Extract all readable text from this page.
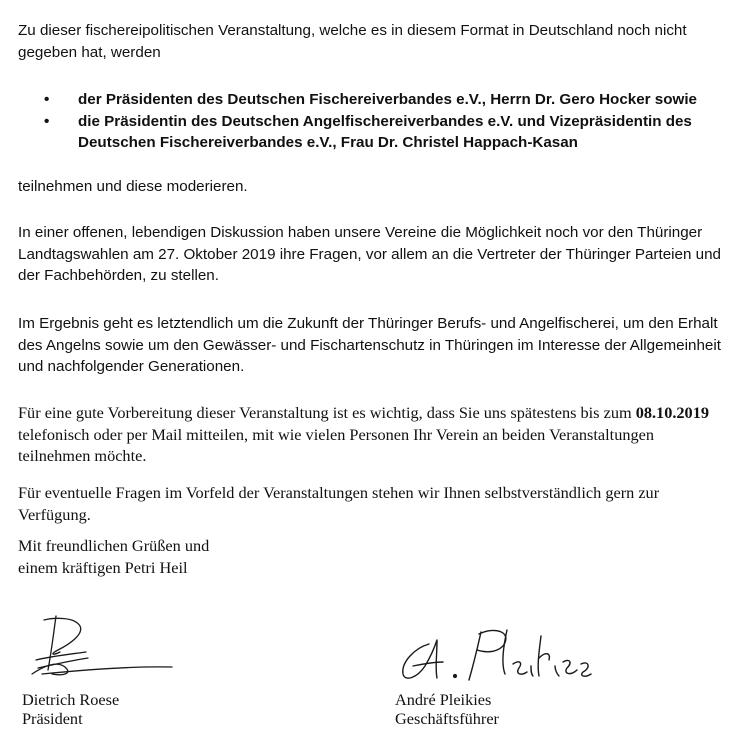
Zu dieser fischereipolitischen Veranstaltung, welche es in diesem Format in Deutschland noch nicht gegeben hat, werden

• der Präsidenten des Deutschen Fischereiverbandes e.V., Herrn Dr. Gero Hocker sowie
• die Präsidentin des Deutschen Angelfischereiverbandes e.V. und Vizepräsidentin des Deutschen Fischereiverbandes e.V., Frau Dr. Christel Happach-Kasan

teilnehmen und diese moderieren.

In einer offenen, lebendigen Diskussion haben unsere Vereine die Möglichkeit noch vor den Thüringer Landtagswahlen am 27. Oktober 2019 ihre Fragen, vor allem an die Vertreter der Thüringer Parteien und der Fachbehörden, zu stellen.

Im Ergebnis geht es letztendlich um die Zukunft der Thüringer Berufs- und Angelfischerei, um den Erhalt des Angelns sowie um den Gewässer- und Fischartenschutz in Thüringen im Interesse der Allgemeinheit und nachfolgender Generationen.

Für eine gute Vorbereitung dieser Veranstaltung ist es wichtig, dass Sie uns spätestens bis zum 08.10.2019 telefonisch oder per Mail mitteilen, mit wie vielen Personen Ihr Verein an beiden Veranstaltungen teilnehmen möchte.

Für eventuelle Fragen im Vorfeld der Veranstaltungen stehen wir Ihnen selbstverständlich gern zur Verfügung.

Mit freundlichen Grüßen und
einem kräftigen Petri Heil

Dietrich Roese
Präsident
André Pleikies
Geschäftsführer
